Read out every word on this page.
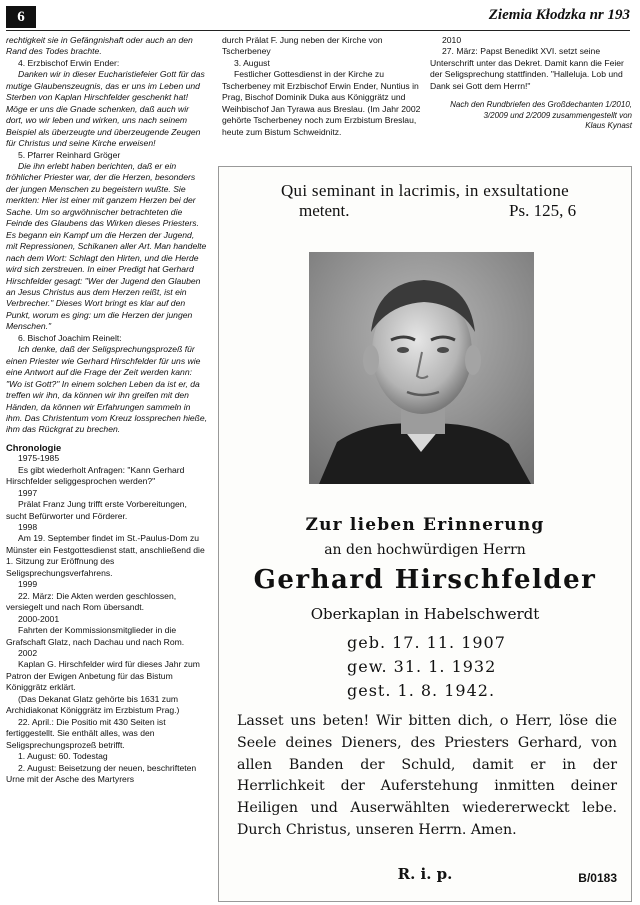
6	Ziemia Kłodzka nr 193

rechtigkeit sie in Gefängnishaft oder auch an den Rand des Todes brachte.

4. Erzbischof Erwin Ender:

Danken wir in dieser Eucharistiefeier Gott für das mutige Glaubenszeugnis, das er uns im Leben und Sterben von Kaplan Hirschfelder geschenkt hat! Möge er uns die Gnade schenken, daß auch wir dort, wo wir leben und wirken, uns nach seinem Beispiel als überzeugte und überzeugende Zeugen für Christus und seine Kirche erweisen!

5. Pfarrer Reinhard Gröger

Die ihn erlebt haben berichten, daß er ein fröhlicher Priester war, der die Herzen, besonders der jungen Menschen zu begeistern wußte. Sie merkten: Hier ist einer mit ganzem Herzen bei der Sache. Um so argwöhnischer betrachteten die Feinde des Glaubens das Wirken dieses Priesters. Es begann ein Kampf um die Herzen der Jugend, mit Repressionen, Schikanen aller Art. Man handelte nach dem Wort: Schlagt den Hirten, und die Herde wird sich zerstreuen. In einer Predigt hat Gerhard Hirschfelder gesagt: "Wer der Jugend den Glauben an Jesus Christus aus dem Herzen reißt, ist ein Verbrecher." Dieses Wort bringt es klar auf den Punkt, worum es ging: um die Herzen der jungen Menschen."

6. Bischof Joachim Reinelt:

Ich denke, daß der Seligsprechungsprozeß für einen Priester wie Gerhard Hirschfelder für uns wie eine Antwort auf die Frage der Zeit werden kann: "Wo ist Gott?" In einem solchen Leben da ist er, da treffen wir ihn, da können wir ihn greifen mit den Händen, da können wir Erfahrungen sammeln in ihm. Das Christentum vom Kreuz lossprechen hieße, ihm das Rückgrat zu brechen.

Chronologie

1975-1985

Es gibt wiederholt Anfragen: "Kann Gerhard Hirschfelder seliggesprochen werden?"

1997

Prälat Franz Jung trifft erste Vorbereitungen, sucht Befürworter und Förderer.

1998

Am 19. September findet im St.-Paulus-Dom zu Münster ein Festgottesdienst statt, anschließend die 1. Sitzung zur Eröffnung des Seligsprechungsverfahrens.

1999

22. März: Die Akten werden geschlossen, versiegelt und nach Rom übersandt.

2000-2001

Fahrten der Kommissionsmitglieder in die Grafschaft Glatz, nach Dachau und nach Rom.

2002

Kaplan G. Hirschfelder wird für dieses Jahr zum Patron der Ewigen Anbetung für das Bistum Königgrätz erklärt.

(Das Dekanat Glatz gehörte bis 1631 zum Archidiakonat Königgrätz im Erzbistum Prag.)

22. April.: Die Positio mit 430 Seiten ist fertiggestellt. Sie enthält alles, was den Seligsprechungsprozeß betrifft.

1. August: 60. Todestag

2. August: Beisetzung der neuen, beschrifteten Urne mit der Asche des Martyrers

durch Prälat F. Jung neben der Kirche von Tscherbeney

3. August

Festlicher Gottesdienst in der Kirche zu Tscherbeney mit Erzbischof Erwin Ender, Nuntius in Prag, Bischof Dominik Duka aus Königgrätz und Weihbischof Jan Tyrawa aus Breslau. (Im Jahr 2002 gehörte Tscherbeney noch zum Erzbistum Breslau, heute zum Bistum Schweidnitz.

2010

27. März: Papst Benedikt XVI. setzt seine Unterschrift unter das Dekret. Damit kann die Feier der Seligsprechung stattfinden. "Halleluja. Lob und Dank sei Gott dem Herrn!"

Nach den Rundbriefen des Großdechanten 1/2010, 3/2009 und 2/2009 zusammengestellt von

Klaus Kynast

Qui seminant in lacrimis, in exsultatione
metent.	Ps. 125, 6
Zur lieben Erinnerung
an den hochwürdigen Herrn
Gerhard Hirschfelder
Oberkaplan in Habelschwerdt
geb. 17. 11. 1907
gew. 31. 1. 1932
gest. 1. 8. 1942.
Lasset uns beten! Wir bitten dich, o Herr, löse die Seele deines Dieners, des Priesters Gerhard, von allen Banden der Schuld, damit er in der Herrlichkeit der Auferstehung inmitten deiner Heiligen und Auserwählten wiedererweckt lebe. Durch Christus, unseren Herrn. Amen.
R. i. p.	B/0183
